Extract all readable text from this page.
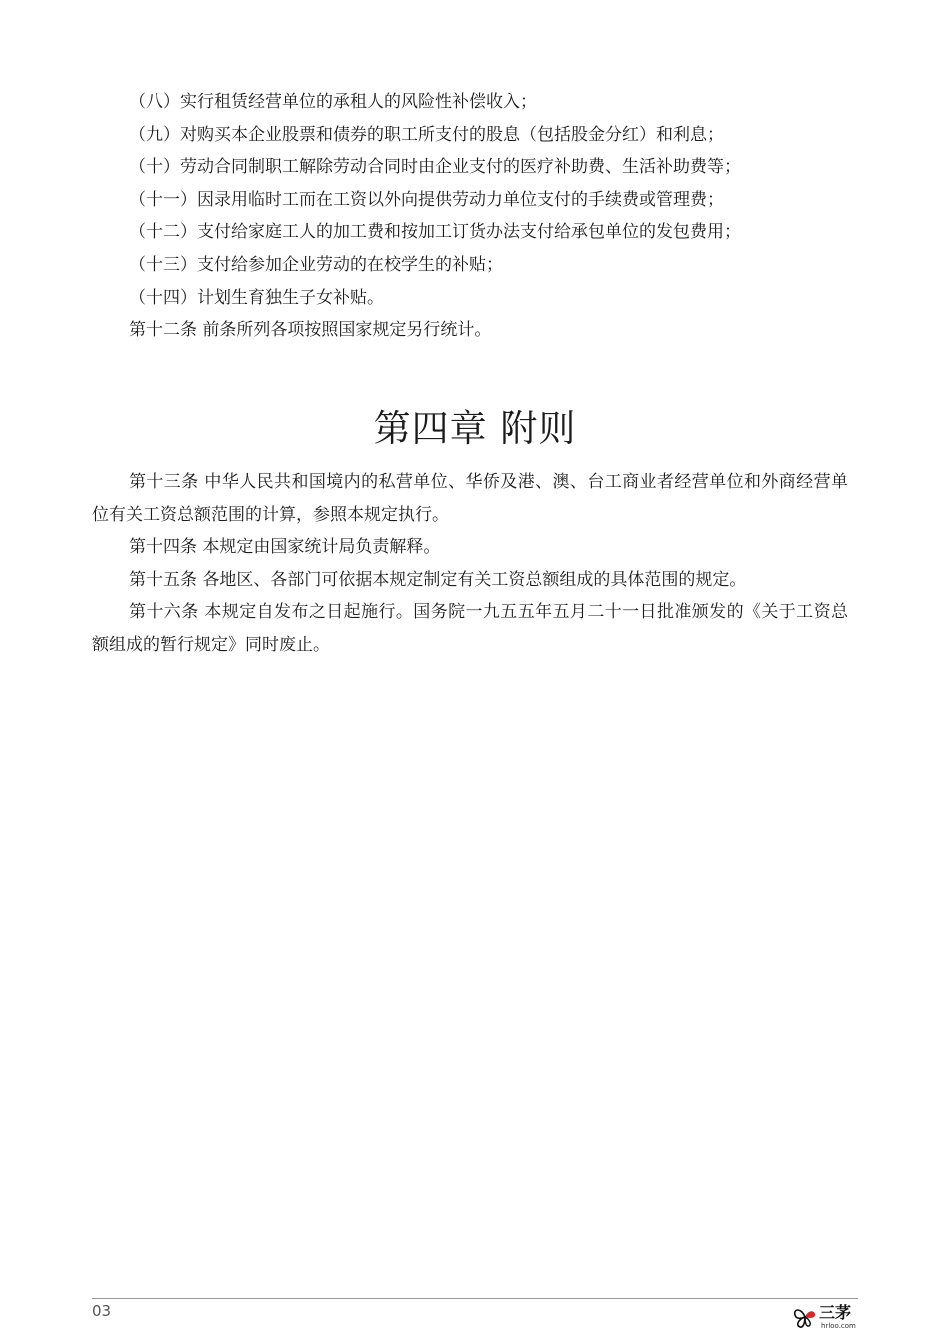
（八）实行租赁经营单位的承租人的风险性补偿收入；
（九）对购买本企业股票和债券的职工所支付的股息（包括股金分红）和利息；
（十）劳动合同制职工解除劳动合同时由企业支付的医疗补助费、生活补助费等；
（十一）因录用临时工而在工资以外向提供劳动力单位支付的手续费或管理费；
（十二）支付给家庭工人的加工费和按加工订货办法支付给承包单位的发包费用；
（十三）支付给参加企业劳动的在校学生的补贴；
（十四）计划生育独生子女补贴。
第十二条 前条所列各项按照国家规定另行统计。
第四章 附则
第十三条 中华人民共和国境内的私营单位、华侨及港、澳、台工商业者经营单位和外商经营单位有关工资总额范围的计算，参照本规定执行。
第十四条 本规定由国家统计局负责解释。
第十五条 各地区、各部门可依据本规定制定有关工资总额组成的具体范围的规定。
第十六条 本规定自发布之日起施行。国务院一九五五年五月二十一日批准颁发的《关于工资总额组成的暂行规定》同时废止。
03	三茅
hrloo.com
